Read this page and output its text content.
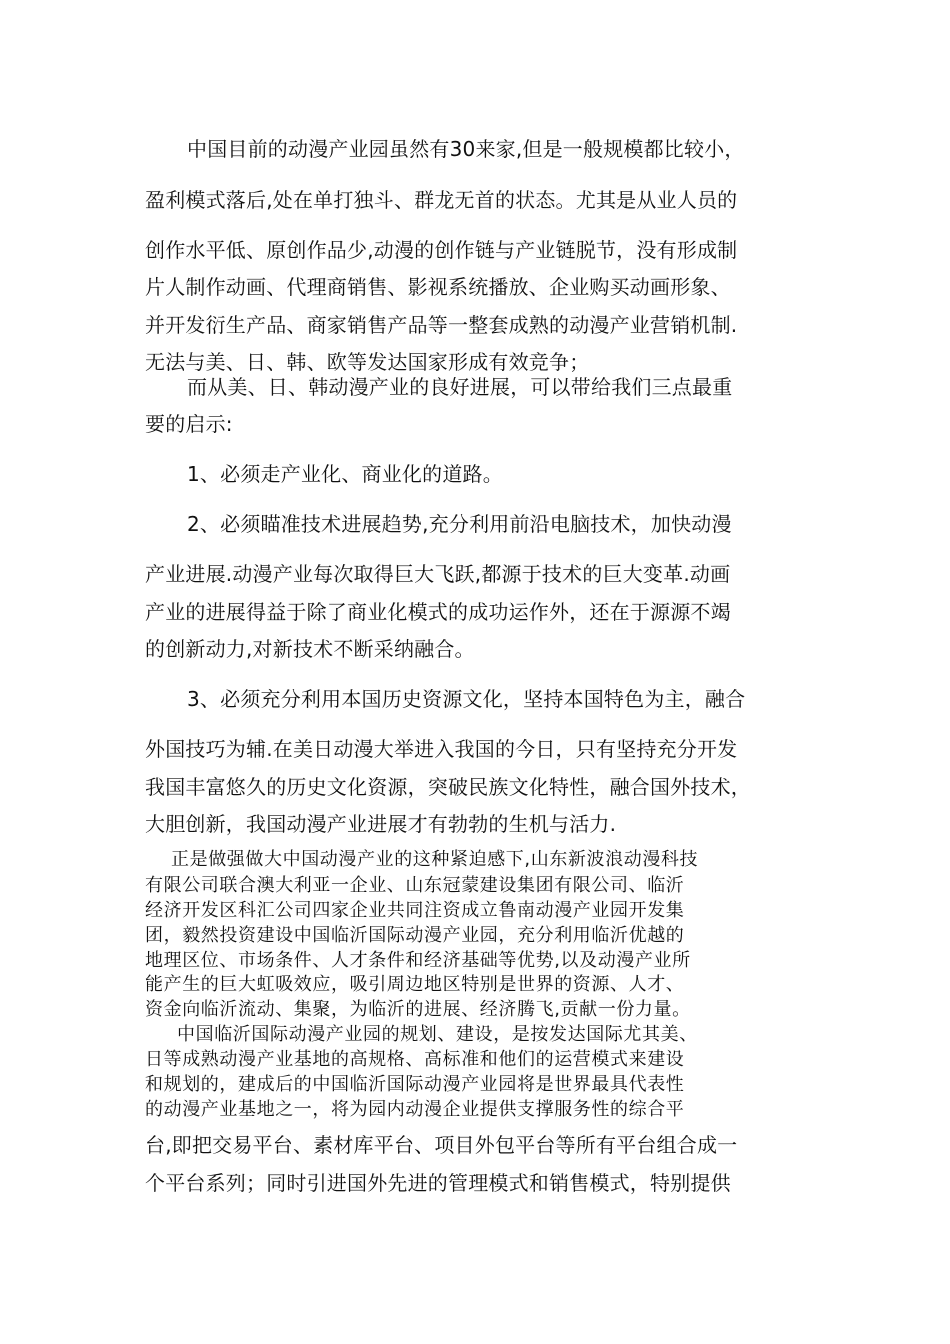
中国目前的动漫产业园虽然有30来家,但是一般规模都比较小，
盈利模式落后,处在单打独斗、群龙无首的状态。尤其是从业人员的
创作水平低、原创作品少,动漫的创作链与产业链脱节，没有形成制
片人制作动画、代理商销售、影视系统播放、企业购买动画形象、
并开发衍生产品、商家销售产品等一整套成熟的动漫产业营销机制.
无法与美、日、韩、欧等发达国家形成有效竞争；
而从美、日、韩动漫产业的良好进展，可以带给我们三点最重
要的启示:
1、必须走产业化、商业化的道路。
2、必须瞄准技术进展趋势,充分利用前沿电脑技术，加快动漫
产业进展.动漫产业每次取得巨大飞跃,都源于技术的巨大变革.动画
产业的进展得益于除了商业化模式的成功运作外，还在于源源不竭
的创新动力,对新技术不断采纳融合。
3、必须充分利用本国历史资源文化，坚持本国特色为主，融合
外国技巧为辅.在美日动漫大举进入我国的今日，只有坚持充分开发
我国丰富悠久的历史文化资源，突破民族文化特性，融合国外技术，
大胆创新，我国动漫产业进展才有勃勃的生机与活力.
正是做强做大中国动漫产业的这种紧迫感下,山东新波浪动漫科技
有限公司联合澳大利亚一企业、山东冠蒙建设集团有限公司、临沂
经济开发区科汇公司四家企业共同注资成立鲁南动漫产业园开发集
团，毅然投资建设中国临沂国际动漫产业园，充分利用临沂优越的
地理区位、市场条件、人才条件和经济基础等优势,以及动漫产业所
能产生的巨大虹吸效应，吸引周边地区特别是世界的资源、人才、
资金向临沂流动、集聚，为临沂的进展、经济腾飞,贡献一份力量。
中国临沂国际动漫产业园的规划、建设，是按发达国际尤其美、
日等成熟动漫产业基地的高规格、高标准和他们的运营模式来建设
和规划的，建成后的中国临沂国际动漫产业园将是世界最具代表性
的动漫产业基地之一，将为园内动漫企业提供支撑服务性的综合平
台,即把交易平台、素材库平台、项目外包平台等所有平台组合成一
个平台系列；同时引进国外先进的管理模式和销售模式，特别提供
